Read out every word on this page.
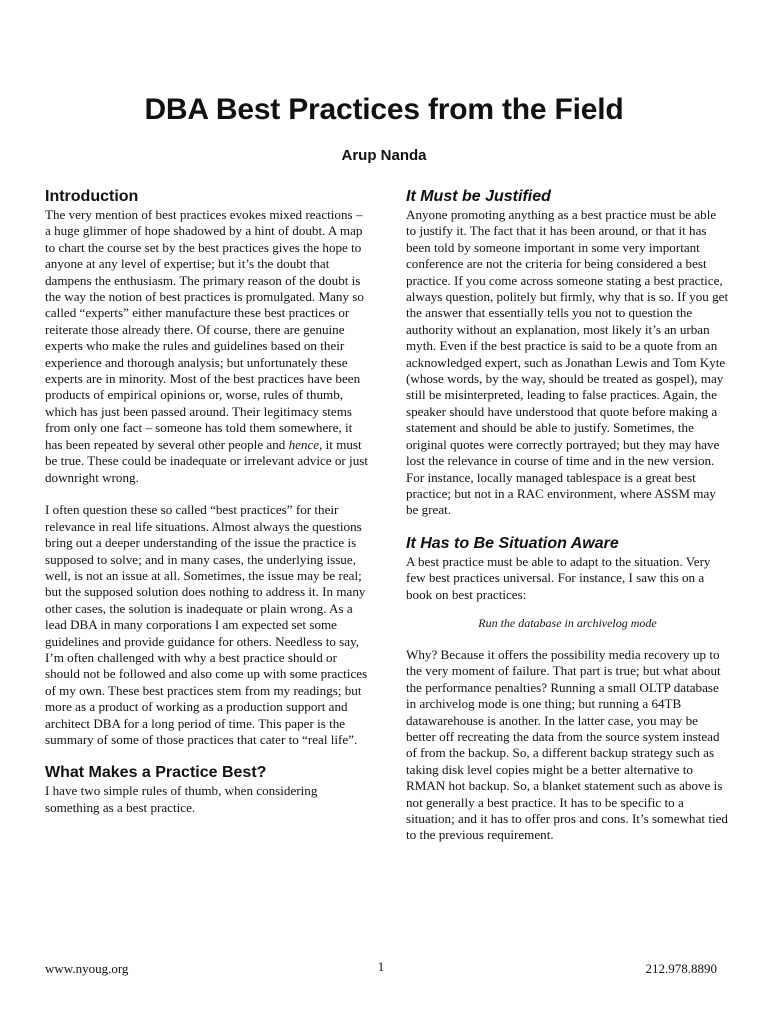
DBA Best Practices from the Field
Arup Nanda
Introduction

The very mention of best practices evokes mixed reactions – a huge glimmer of hope shadowed by a hint of doubt. A map to chart the course set by the best practices gives the hope to anyone at any level of expertise; but it’s the doubt that dampens the enthusiasm. The primary reason of the doubt is the way the notion of best practices is promulgated. Many so called “experts” either manufacture these best practices or reiterate those already there. Of course, there are genuine experts who make the rules and guidelines based on their experience and thorough analysis; but unfortunately these experts are in minority. Most of the best practices have been products of empirical opinions or, worse, rules of thumb, which has just been passed around. Their legitimacy stems from only one fact – someone has told them somewhere, it has been repeated by several other people and hence, it must be true. These could be inadequate or irrelevant advice or just downright wrong.

I often question these so called “best practices” for their relevance in real life situations. Almost always the questions bring out a deeper understanding of the issue the practice is supposed to solve; and in many cases, the underlying issue, well, is not an issue at all. Sometimes, the issue may be real; but the supposed solution does nothing to address it. In many other cases, the solution is inadequate or plain wrong. As a lead DBA in many corporations I am expected set some guidelines and provide guidance for others. Needless to say, I’m often challenged with why a best practice should or should not be followed and also come up with some practices of my own. These best practices stem from my readings; but more as a product of working as a production support and architect DBA for a long period of time. This paper is the summary of some of those practices that cater to “real life”.

What Makes a Practice Best?

I have two simple rules of thumb, when considering something as a best practice.

It Must be Justified

Anyone promoting anything as a best practice must be able to justify it. The fact that it has been around, or that it has been told by someone important in some very important conference are not the criteria for being considered a best practice. If you come across someone stating a best practice, always question, politely but firmly, why that is so. If you get the answer that essentially tells you not to question the authority without an explanation, most likely it’s an urban myth. Even if the best practice is said to be a quote from an acknowledged expert, such as Jonathan Lewis and Tom Kyte (whose words, by the way, should be treated as gospel), may still be misinterpreted, leading to false practices. Again, the speaker should have understood that quote before making a statement and should be able to justify. Sometimes, the original quotes were correctly portrayed; but they may have lost the relevance in course of time and in the new version. For instance, locally managed tablespace is a great best practice; but not in a RAC environment, where ASSM may be great.

It Has to Be Situation Aware

A best practice must be able to adapt to the situation. Very few best practices universal. For instance, I saw this on a book on best practices:

Run the database in archivelog mode

Why? Because it offers the possibility media recovery up to the very moment of failure. That part is true; but what about the performance penalties? Running a small OLTP database in archivelog mode is one thing; but running a 64TB datawarehouse is another. In the latter case, you may be better off recreating the data from the source system instead of from the backup. So, a different backup strategy such as taking disk level copies might be a better alternative to RMAN hot backup. So, a blanket statement such as above is not generally a best practice. It has to be specific to a situation; and it has to offer pros and cons. It’s somewhat tied to the previous requirement.

www.nyoug.org	1	212.978.8890
